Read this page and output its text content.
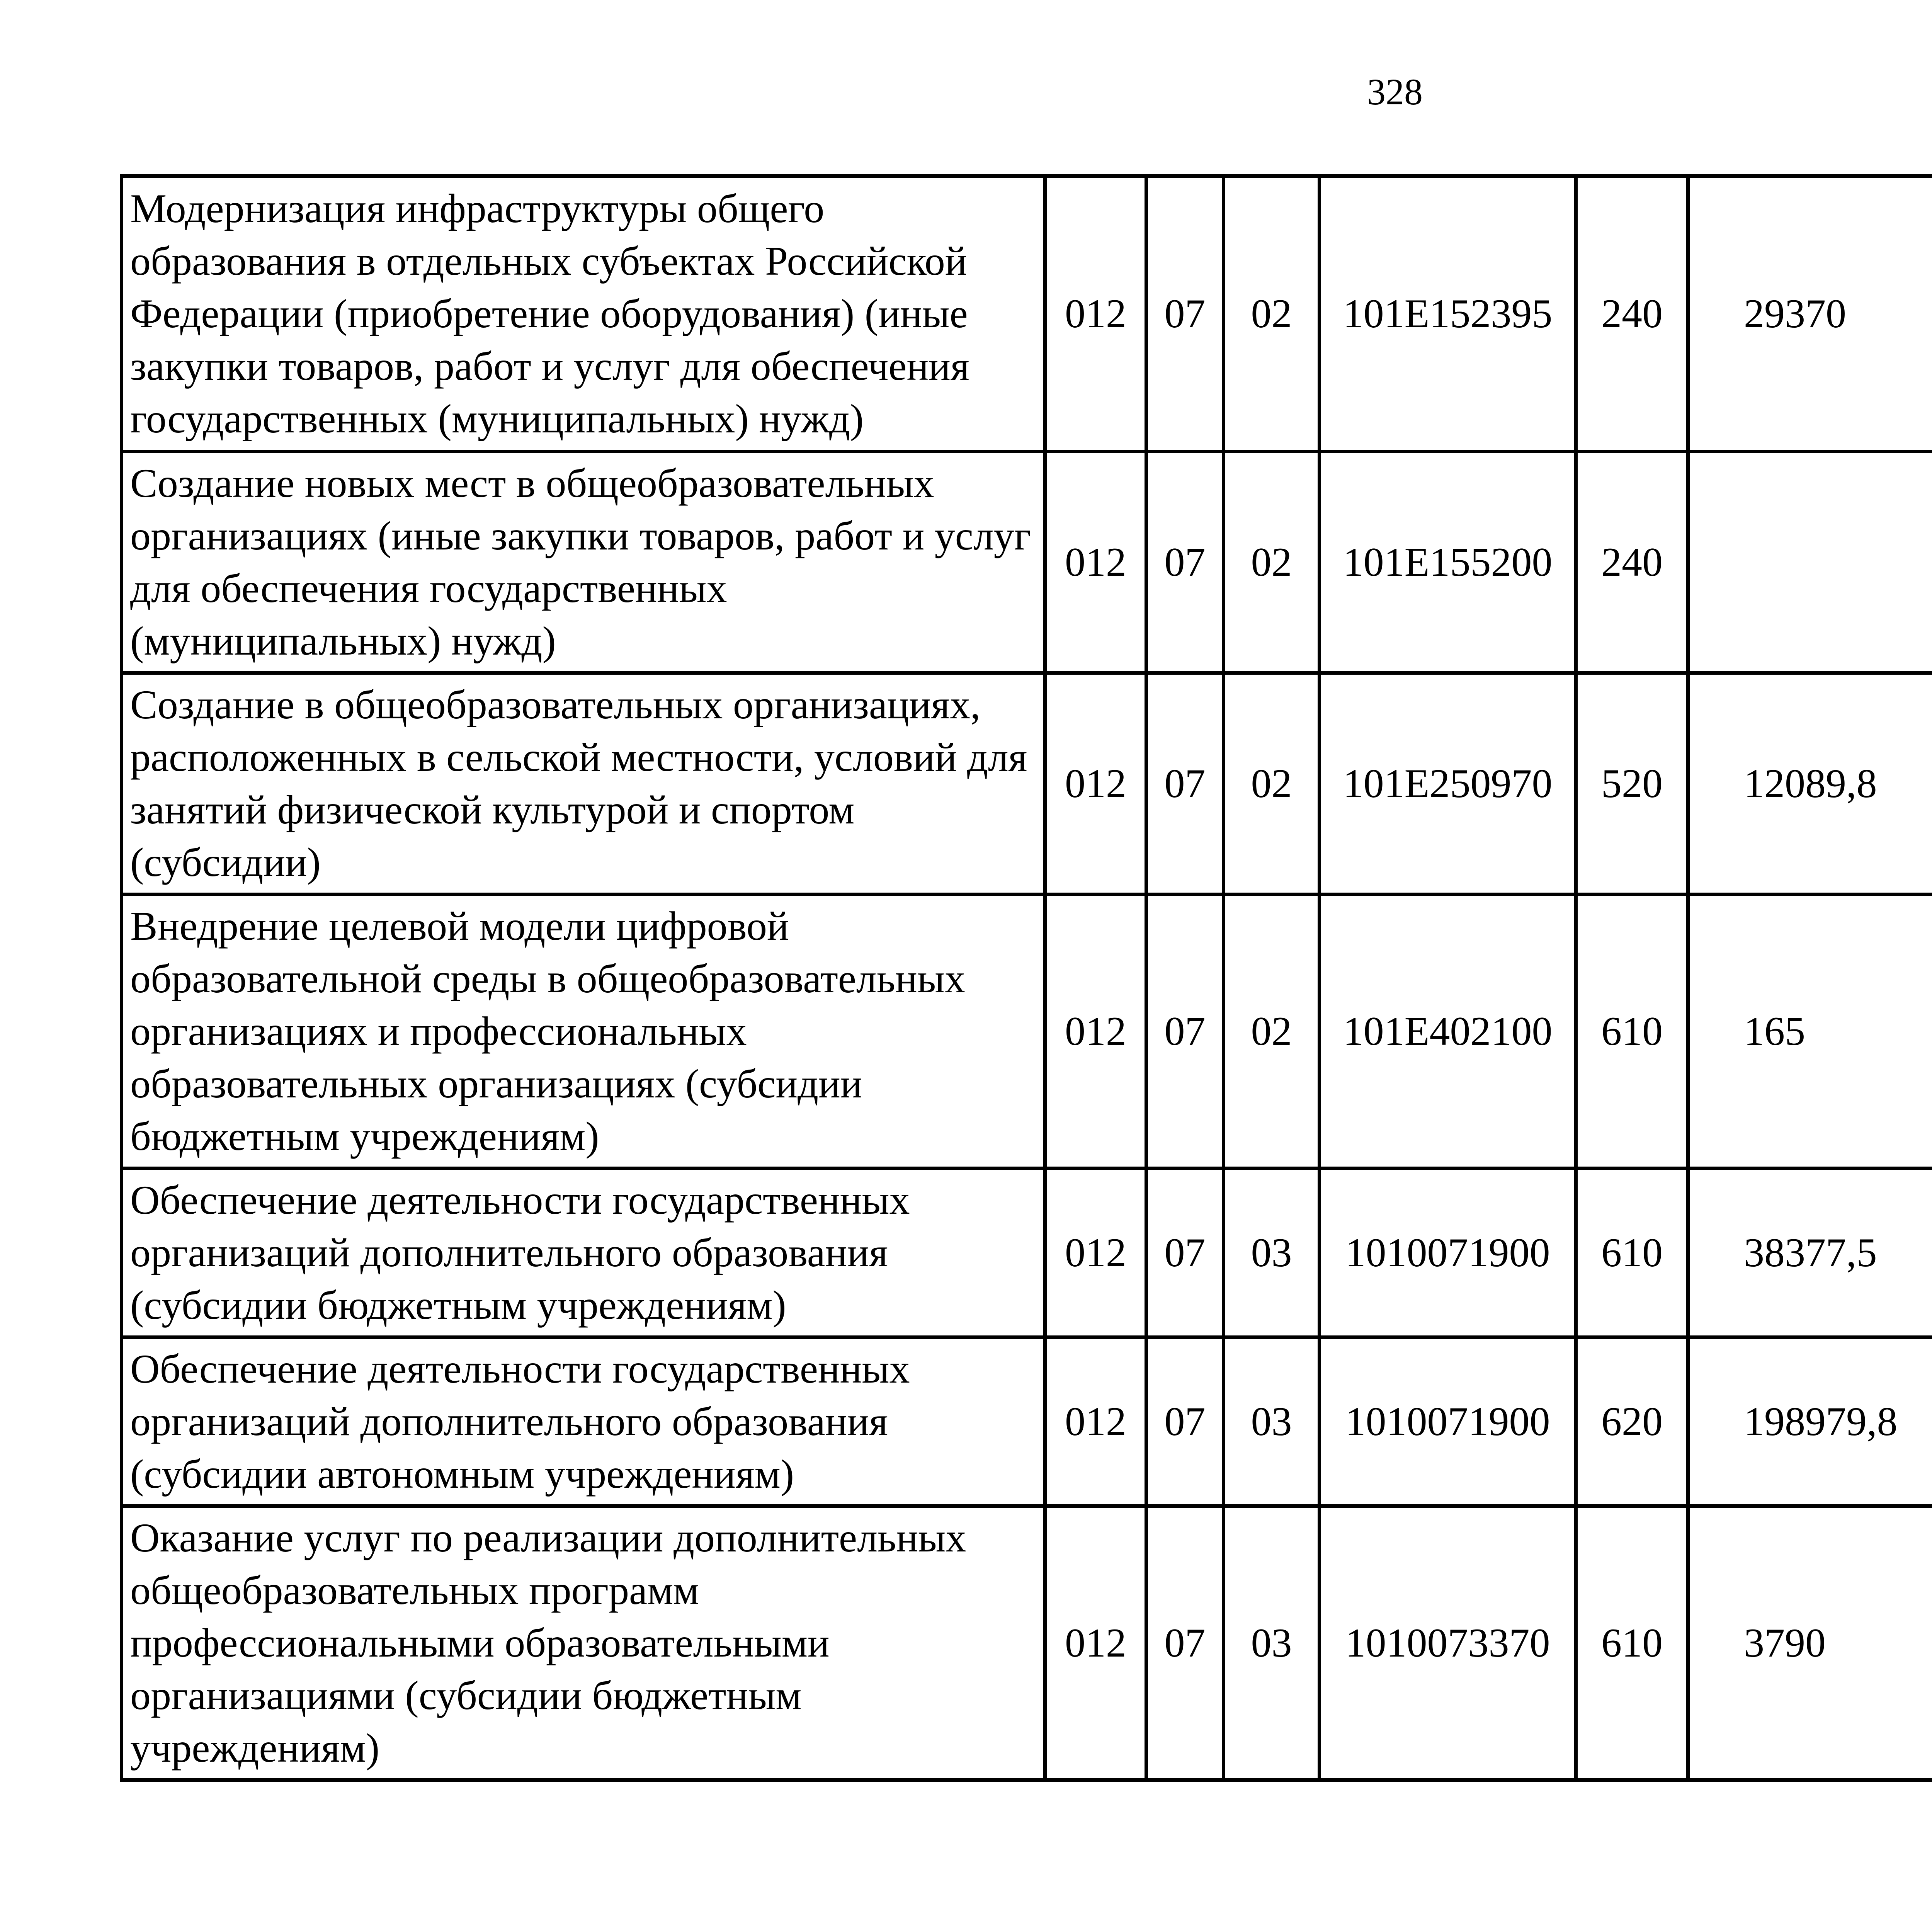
328
Модернизация инфраструктуры общего образования в отдельных субъектах Российской Федерации (приобретение оборудования) (иные закупки товаров, работ и услуг для обеспечения государственных (муниципальных) нужд)	012	07	02	101Е152395	240	29370		
Создание новых мест в общеобразовательных организациях (иные закупки товаров, работ и услуг для обеспечения государственных (муниципальных) нужд)	012	07	02	101Е155200	240			
Создание в общеобразовательных организациях, расположенных в сельской местности, условий для занятий физической культурой и спортом (субсидии)	012	07	02	101Е250970	520	12089,8		
Внедрение целевой модели цифровой образовательной среды в общеобразовательных организациях и профессиональных образовательных организациях (субсидии бюджетным учреждениям)	012	07	02	101Е402100	610	165		
Обеспечение деятельности государственных организаций дополнительного образования (субсидии бюджетным учреждениям)	012	07	03	1010071900	610	38377,5		
Обеспечение деятельности государственных организаций дополнительного образования (субсидии автономным учреждениям)	012	07	03	1010071900	620	198979,8		
Оказание услуг по реализации дополнительных общеобразовательных программ профессиональными образовательными организациями (субсидии бюджетным учреждениям)	012	07	03	1010073370	610	3790		
